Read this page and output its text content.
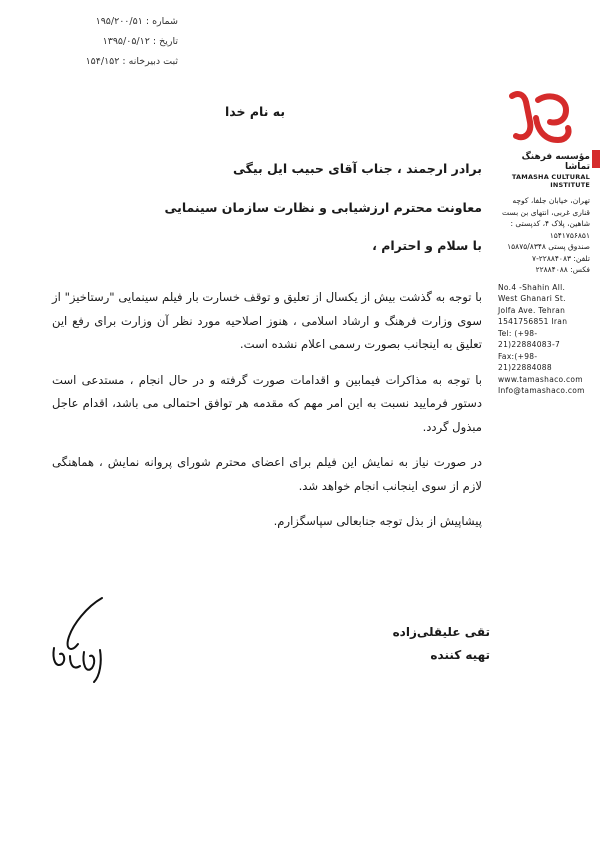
شماره : ۱۹۵/۲۰۰/۵۱
تاریخ : ۱۳۹۵/۰۵/۱۲
ثبت دبیرخانه : ۱۵۴/۱۵۲
مؤسسه فرهنگ تماشا
TAMASHA CULTURAL INSTITUTE
تهران، خیابان جلفا، کوچه
قناری غربی، انتهای بن بست
شاهین، پلاک ۴، کدپستی :
۱۵۴۱۷۵۶۸۵۱
صندوق پستی ۱۵۸۷۵/۸۳۴۸
تلفن: ۲۲۸۸۴۰۸۳-۷
فکس: ۲۲۸۸۴۰۸۸
No.4 -Shahin All.
West Ghanari St.
Jolfa Ave. Tehran
1541756851 Iran
Tel: (+98-21)22884083-7
Fax:(+98-21)22884088
www.tamashaco.com
Info@tamashaco.com
به نام خدا
برادر ارجمند ، جناب آقای حبیب ایل بیگی
معاونت محترم ارزشیابی و نظارت سازمان سینمایی
با سلام و احترام ،

با توجه به گذشت بیش از یکسال از تعلیق و توقف خسارت بار فیلم سینمایی "رستاخیز" از سوی وزارت فرهنگ و ارشاد اسلامی ، هنوز اصلاحیه مورد نظر آن وزارت برای رفع این تعلیق به اینجانب بصورت رسمی اعلام نشده است.

با توجه به مذاکرات فیمابین و اقدامات صورت گرفته و در حال انجام ، مستدعی است دستور فرمایید نسبت به این امر مهم که مقدمه هر توافق احتمالی می باشد، اقدام عاجل مبذول گردد.

در صورت نیاز به نمایش این فیلم برای اعضای محترم شورای پروانه نمایش ، هماهنگی لازم از سوی اینجانب انجام خواهد شد.

پیشاپیش از بذل توجه جنابعالی سپاسگزارم.

تقی علیقلی‌زاده
تهیه کننده
